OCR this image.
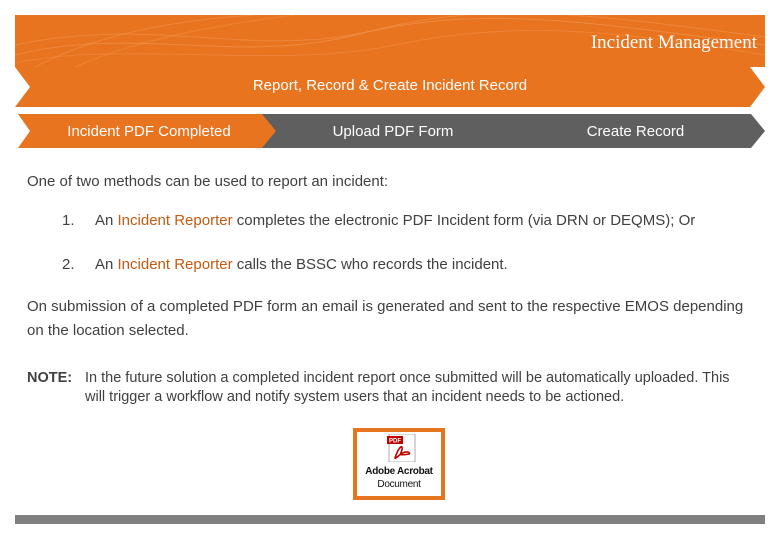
Incident Management
Report, Record & Create Incident Record
Incident PDF Completed	Upload PDF Form	Create Record
One of two methods can be used to report an incident:
1.	An Incident Reporter completes the electronic PDF Incident form (via DRN or DEQMS); Or
2.	An Incident Reporter calls the BSSC who records the incident.
On submission of a completed PDF form an email is generated and sent to the respective EMOS depending on the location selected.
NOTE: In the future solution a completed incident report once submitted will be automatically uploaded. This will trigger a workflow and notify system users that an incident needs to be actioned.
PDF
Adobe Acrobat
Document
